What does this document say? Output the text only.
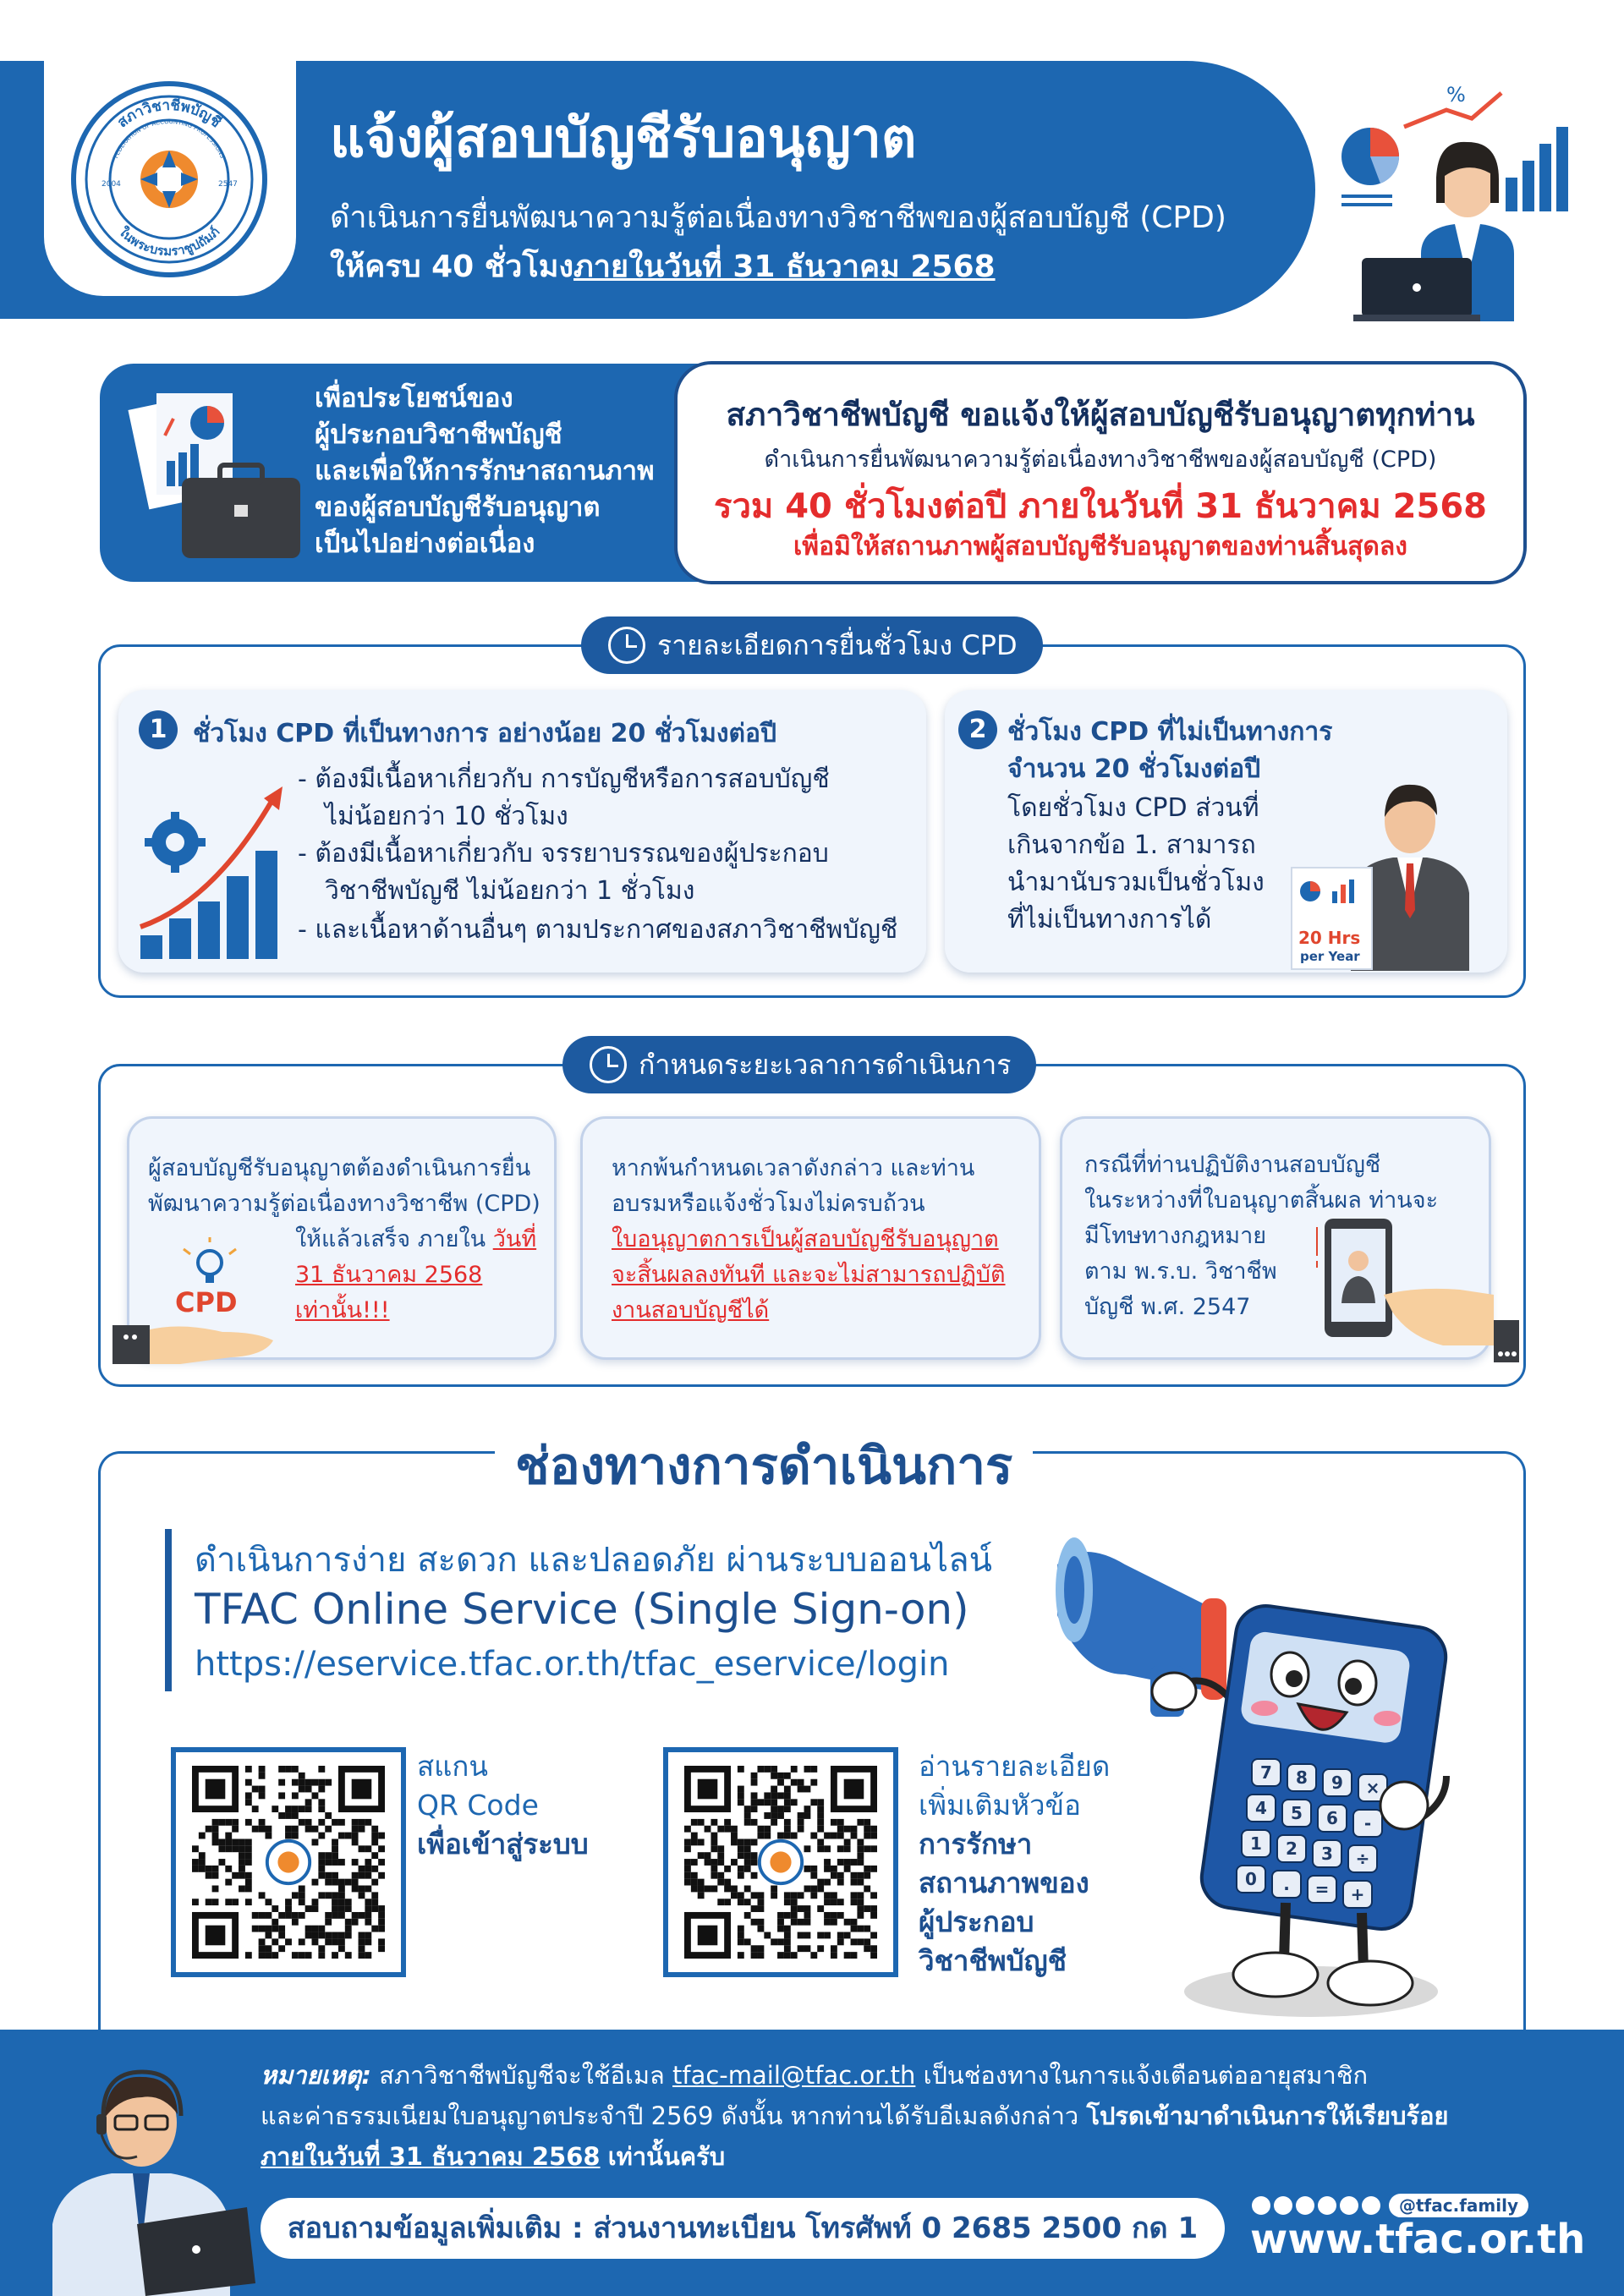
สภาวิชาชีพบัญชี
ในพระบรมราชูปถัมภ์
FEDERATION OF ACCOUNTING PROFESSIONS
2004	2547
แจ้งผู้สอบบัญชีรับอนุญาต
ดำเนินการยื่นพัฒนาความรู้ต่อเนื่องทางวิชาชีพของผู้สอบบัญชี (CPD)
ให้ครบ 40 ชั่วโมงภายในวันที่ 31 ธันวาคม 2568
%
เพื่อประโยชน์ของ
ผู้ประกอบวิชาชีพบัญชี
และเพื่อให้การรักษาสถานภาพ
ของผู้สอบบัญชีรับอนุญาต
เป็นไปอย่างต่อเนื่อง
สภาวิชาชีพบัญชี ขอแจ้งให้ผู้สอบบัญชีรับอนุญาตทุกท่าน
ดำเนินการยื่นพัฒนาความรู้ต่อเนื่องทางวิชาชีพของผู้สอบบัญชี (CPD)
รวม 40 ชั่วโมงต่อปี ภายในวันที่ 31 ธันวาคม 2568
เพื่อมิให้สถานภาพผู้สอบบัญชีรับอนุญาตของท่านสิ้นสุดลง
รายละเอียดการยื่นชั่วโมง CPD
1	ชั่วโมง CPD ที่เป็นทางการ อย่างน้อย 20 ชั่วโมงต่อปี
- ต้องมีเนื้อหาเกี่ยวกับ การบัญชีหรือการสอบบัญชี
ไม่น้อยกว่า 10 ชั่วโมง
- ต้องมีเนื้อหาเกี่ยวกับ จรรยาบรรณของผู้ประกอบ
วิชาชีพบัญชี ไม่น้อยกว่า 1 ชั่วโมง
- และเนื้อหาด้านอื่นๆ ตามประกาศของสภาวิชาชีพบัญชี
2 ชั่วโมง CPD ที่ไม่เป็นทางการ
จำนวน 20 ชั่วโมงต่อปี
โดยชั่วโมง CPD ส่วนที่
เกินจากข้อ 1. สามารถ
นำมานับรวมเป็นชั่วโมง
ที่ไม่เป็นทางการได้
20 Hrs
per Year
กำหนดระยะเวลาการดำเนินการ
ผู้สอบบัญชีรับอนุญาตต้องดำเนินการยื่น
พัฒนาความรู้ต่อเนื่องทางวิชาชีพ (CPD)
ให้แล้วเสร็จ ภายใน วันที่
31 ธันวาคม 2568
เท่านั้น!!!
CPD
หากพ้นกำหนดเวลาดังกล่าว และท่าน
อบรมหรือแจ้งชั่วโมงไม่ครบถ้วน
ใบอนุญาตการเป็นผู้สอบบัญชีรับอนุญาต
จะสิ้นผลลงทันที และจะไม่สามารถปฏิบัติ
งานสอบบัญชีได้
กรณีที่ท่านปฏิบัติงานสอบบัญชี
ในระหว่างที่ใบอนุญาตสิ้นผล ท่านจะ
มีโทษทางกฎหมาย
ตาม พ.ร.บ. วิชาชีพ
บัญชี พ.ศ. 2547
ช่องทางการดำเนินการ
ดำเนินการง่าย สะดวก และปลอดภัย ผ่านระบบออนไลน์
TFAC Online Service (Single Sign-on)
https://eservice.tfac.or.th/tfac_eservice/login
สแกน
QR Code
เพื่อเข้าสู่ระบบ
อ่านรายละเอียด
เพิ่มเติมหัวข้อ
การรักษา
สถานภาพของ
ผู้ประกอบ
วิชาชีพบัญชี
7 8 9 ×
4 5 6 -
1 2 3 ÷
0 . = +
หมายเหตุ: สภาวิชาชีพบัญชีจะใช้อีเมล tfac-mail@tfac.or.th เป็นช่องทางในการแจ้งเตือนต่ออายุสมาชิก
และค่าธรรมเนียมใบอนุญาตประจำปี 2569 ดังนั้น หากท่านได้รับอีเมลดังกล่าว โปรดเข้ามาดำเนินการให้เรียบร้อย
ภายในวันที่ 31 ธันวาคม 2568 เท่านั้นครับ
สอบถามข้อมูลเพิ่มเติม : ส่วนงานทะเบียน โทรศัพท์ 0 2685 2500 กด 1
@tfac.family
www.tfac.or.th
